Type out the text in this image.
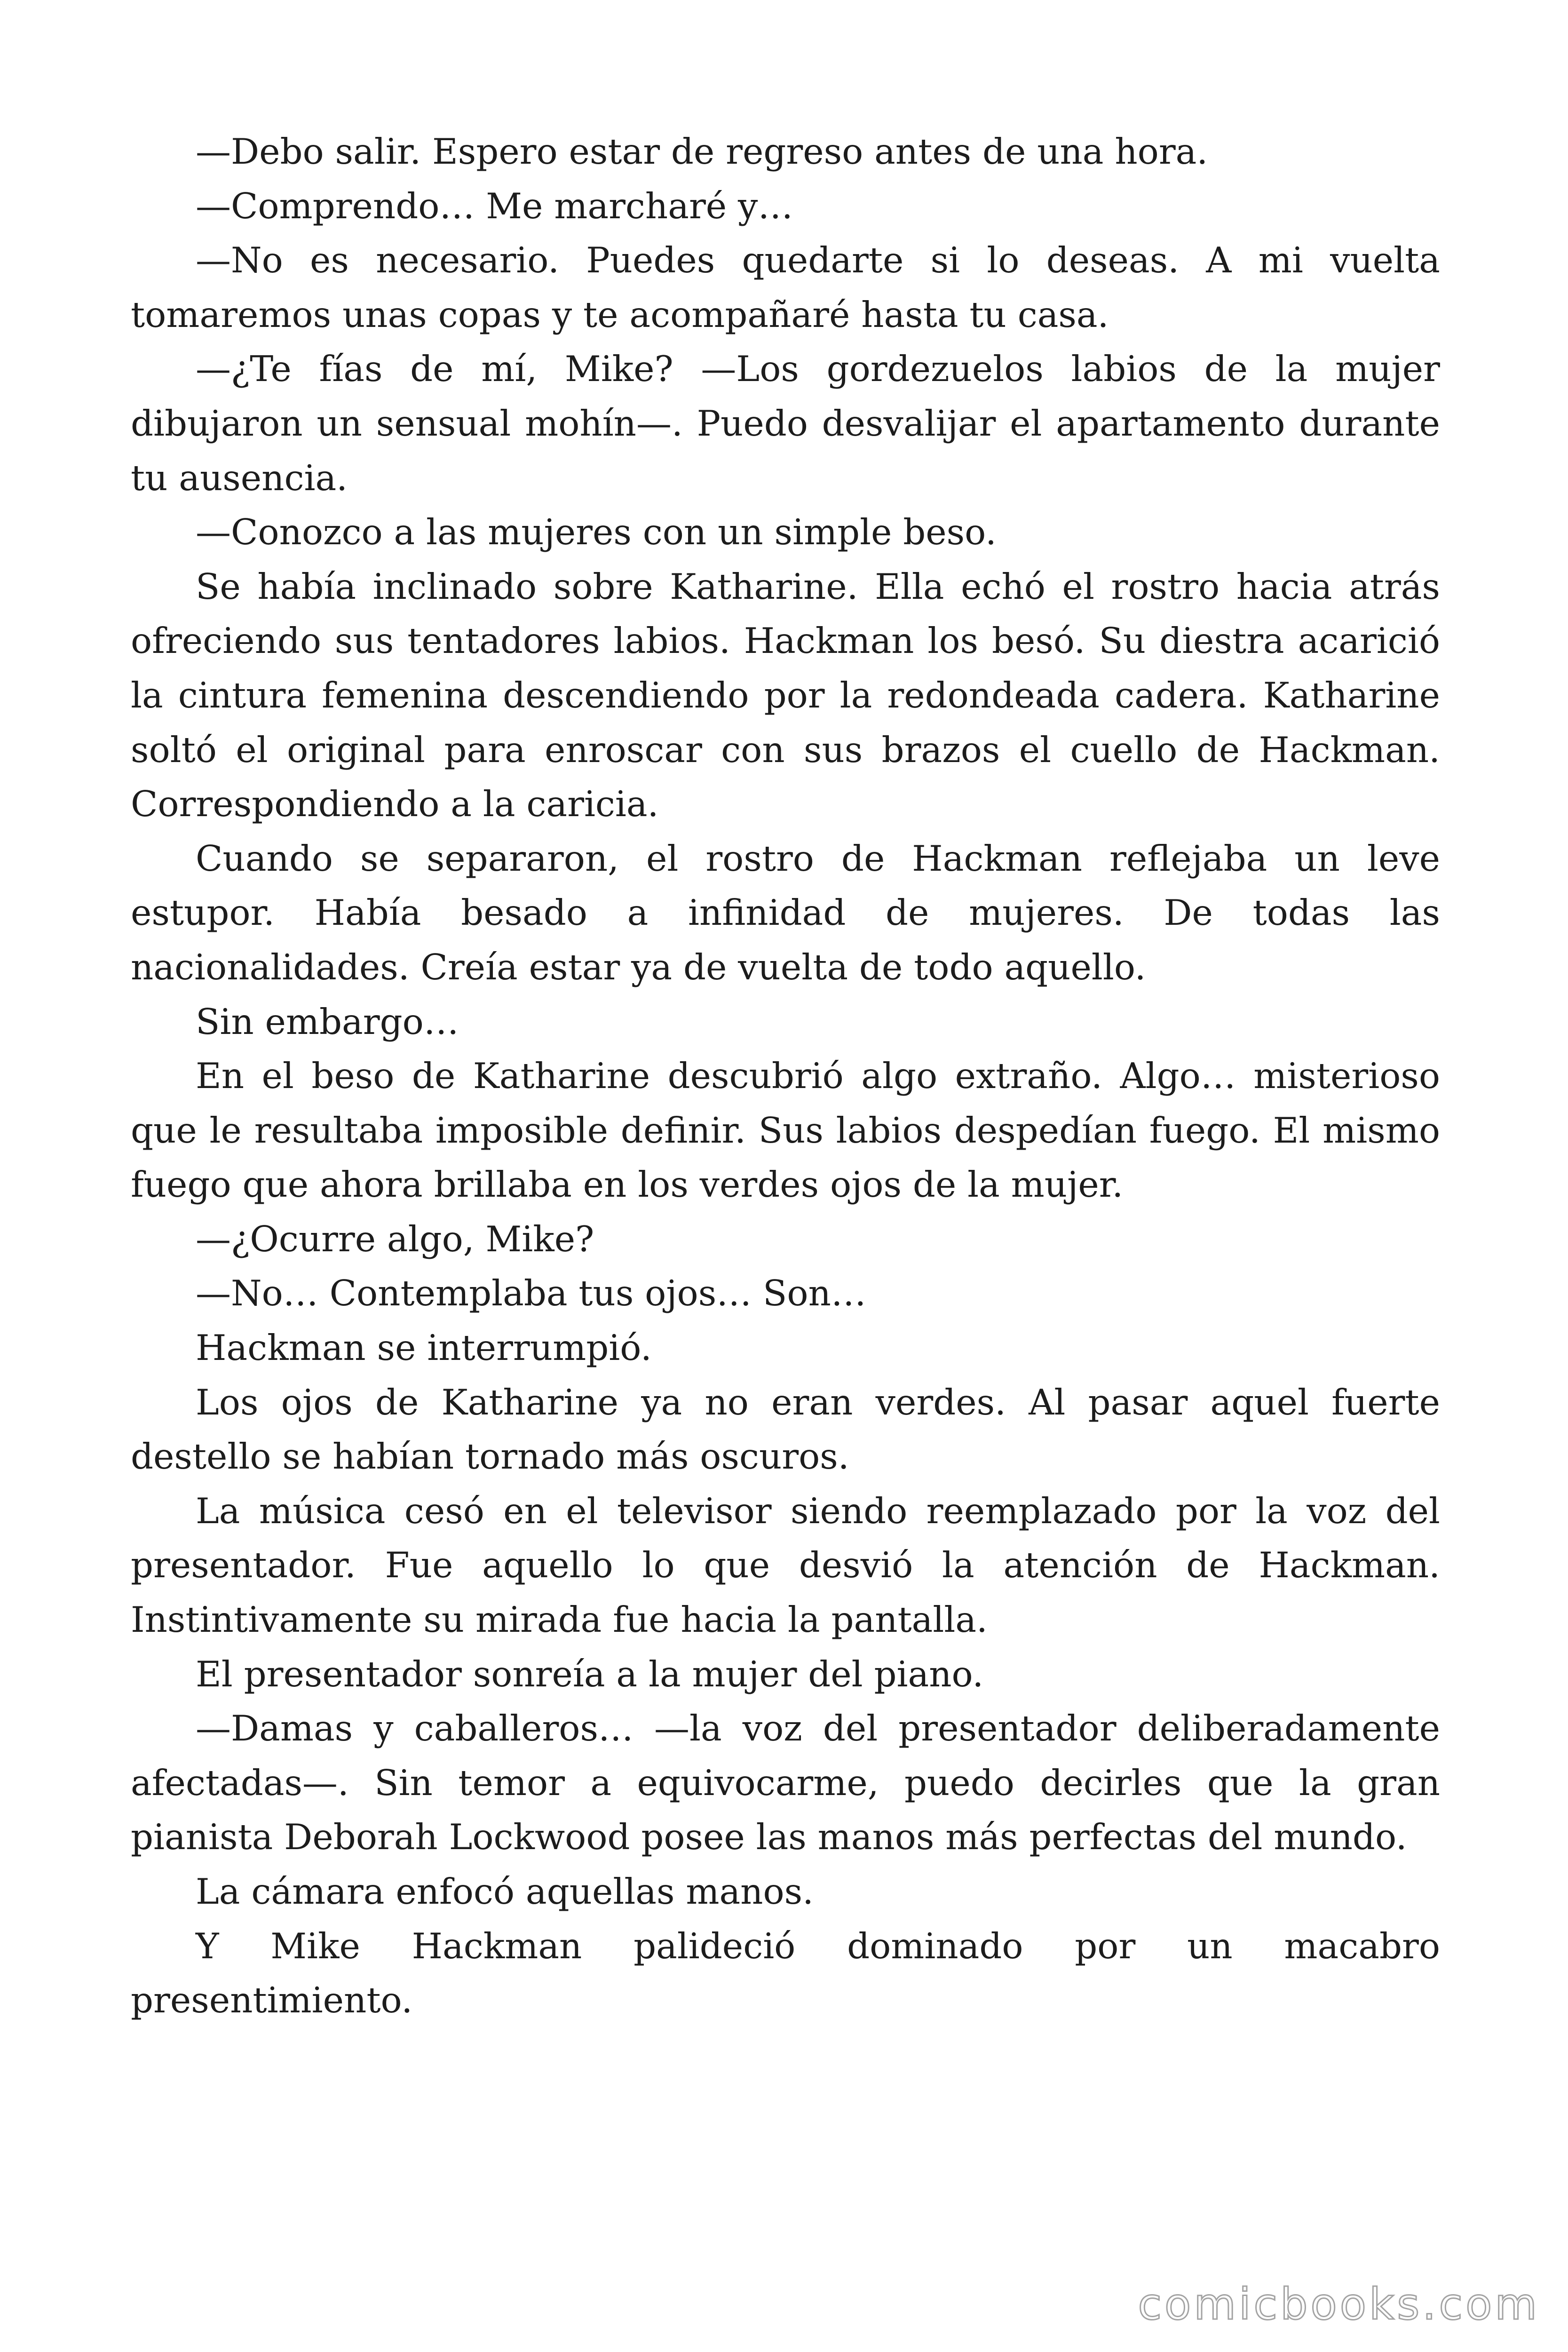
—Debo salir. Espero estar de regreso antes de una hora.

—Comprendo… Me marcharé y…

—No es necesario. Puedes quedarte si lo deseas. A mi vuelta tomaremos unas copas y te acompañaré hasta tu casa.

—¿Te fías de mí, Mike? —Los gordezuelos labios de la mujer dibujaron un sensual mohín—. Puedo desvalijar el apartamento durante tu ausencia.

—Conozco a las mujeres con un simple beso.

Se había inclinado sobre Katharine. Ella echó el rostro hacia atrás ofreciendo sus tentadores labios. Hackman los besó. Su diestra acarició la cintura femenina descendiendo por la redondeada cadera. Katharine soltó el original para enroscar con sus brazos el cuello de Hackman. Correspondiendo a la caricia.

Cuando se separaron, el rostro de Hackman reflejaba un leve estupor. Había besado a infinidad de mujeres. De todas las nacionalidades. Creía estar ya de vuelta de todo aquello.

Sin embargo…

En el beso de Katharine descubrió algo extraño. Algo… misterioso que le resultaba imposible definir. Sus labios despedían fuego. El mismo fuego que ahora brillaba en los verdes ojos de la mujer.

—¿Ocurre algo, Mike?

—No… Contemplaba tus ojos… Son…

Hackman se interrumpió.

Los ojos de Katharine ya no eran verdes. Al pasar aquel fuerte destello se habían tornado más oscuros.

La música cesó en el televisor siendo reemplazado por la voz del presentador. Fue aquello lo que desvió la atención de Hackman. Instintivamente su mirada fue hacia la pantalla.

El presentador sonreía a la mujer del piano.

—Damas y caballeros… —la voz del presentador deliberadamente afectadas—. Sin temor a equivocarme, puedo decirles que la gran pianista Deborah Lockwood posee las manos más perfectas del mundo.

La cámara enfocó aquellas manos.

Y Mike Hackman palideció dominado por un macabro presentimiento.

comicbooks.com
